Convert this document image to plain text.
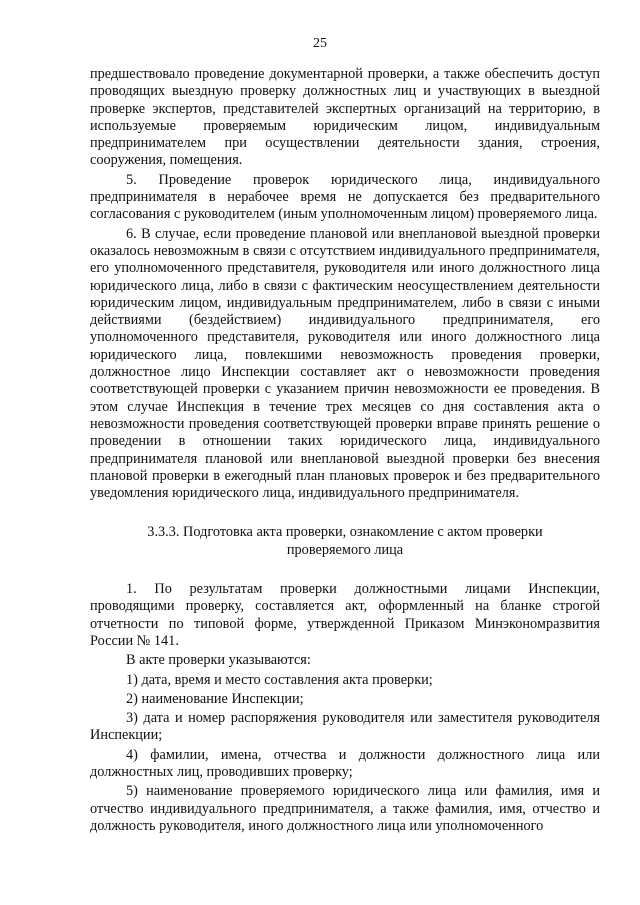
25

предшествовало проведение документарной проверки, а также обеспечить доступ проводящих выездную проверку должностных лиц и участвующих в выездной проверке экспертов, представителей экспертных организаций на территорию, в используемые проверяемым юридическим лицом, индивидуальным предпринимателем при осуществлении деятельности здания, строения, сооружения, помещения.

5. Проведение проверок юридического лица, индивидуального предпринимателя в нерабочее время не допускается без предварительного согласования с руководителем (иным уполномоченным лицом) проверяемого лица.

6. В случае, если проведение плановой или внеплановой выездной проверки оказалось невозможным в связи с отсутствием индивидуального предпринимателя, его уполномоченного представителя, руководителя или иного должностного лица юридического лица, либо в связи с фактическим неосуществлением деятельности юридическим лицом, индивидуальным предпринимателем, либо в связи с иными действиями (бездействием) индивидуального предпринимателя, его уполномоченного представителя, руководителя или иного должностного лица юридического лица, повлекшими невозможность проведения проверки, должностное лицо Инспекции составляет акт о невозможности проведения соответствующей проверки с указанием причин невозможности ее проведения. В этом случае Инспекция в течение трех месяцев со дня составления акта о невозможности проведения соответствующей проверки вправе принять решение о проведении в отношении таких юридического лица, индивидуального предпринимателя плановой или внеплановой выездной проверки без внесения плановой проверки в ежегодный план плановых проверок и без предварительного уведомления юридического лица, индивидуального предпринимателя.

3.3.3. Подготовка акта проверки, ознакомление с актом проверки
проверяемого лица

1. По результатам проверки должностными лицами Инспекции, проводящими проверку, составляется акт, оформленный на бланке строгой отчетности по типовой форме, утвержденной Приказом Минэкономразвития России № 141.

В акте проверки указываются:

1) дата, время и место составления акта проверки;

2) наименование Инспекции;

3) дата и номер распоряжения руководителя или заместителя руководителя Инспекции;

4) фамилии, имена, отчества и должности должностного лица или должностных лиц, проводивших проверку;

5) наименование проверяемого юридического лица или фамилия, имя и отчество индивидуального предпринимателя, а также фамилия, имя, отчество и должность руководителя, иного должностного лица или уполномоченного
